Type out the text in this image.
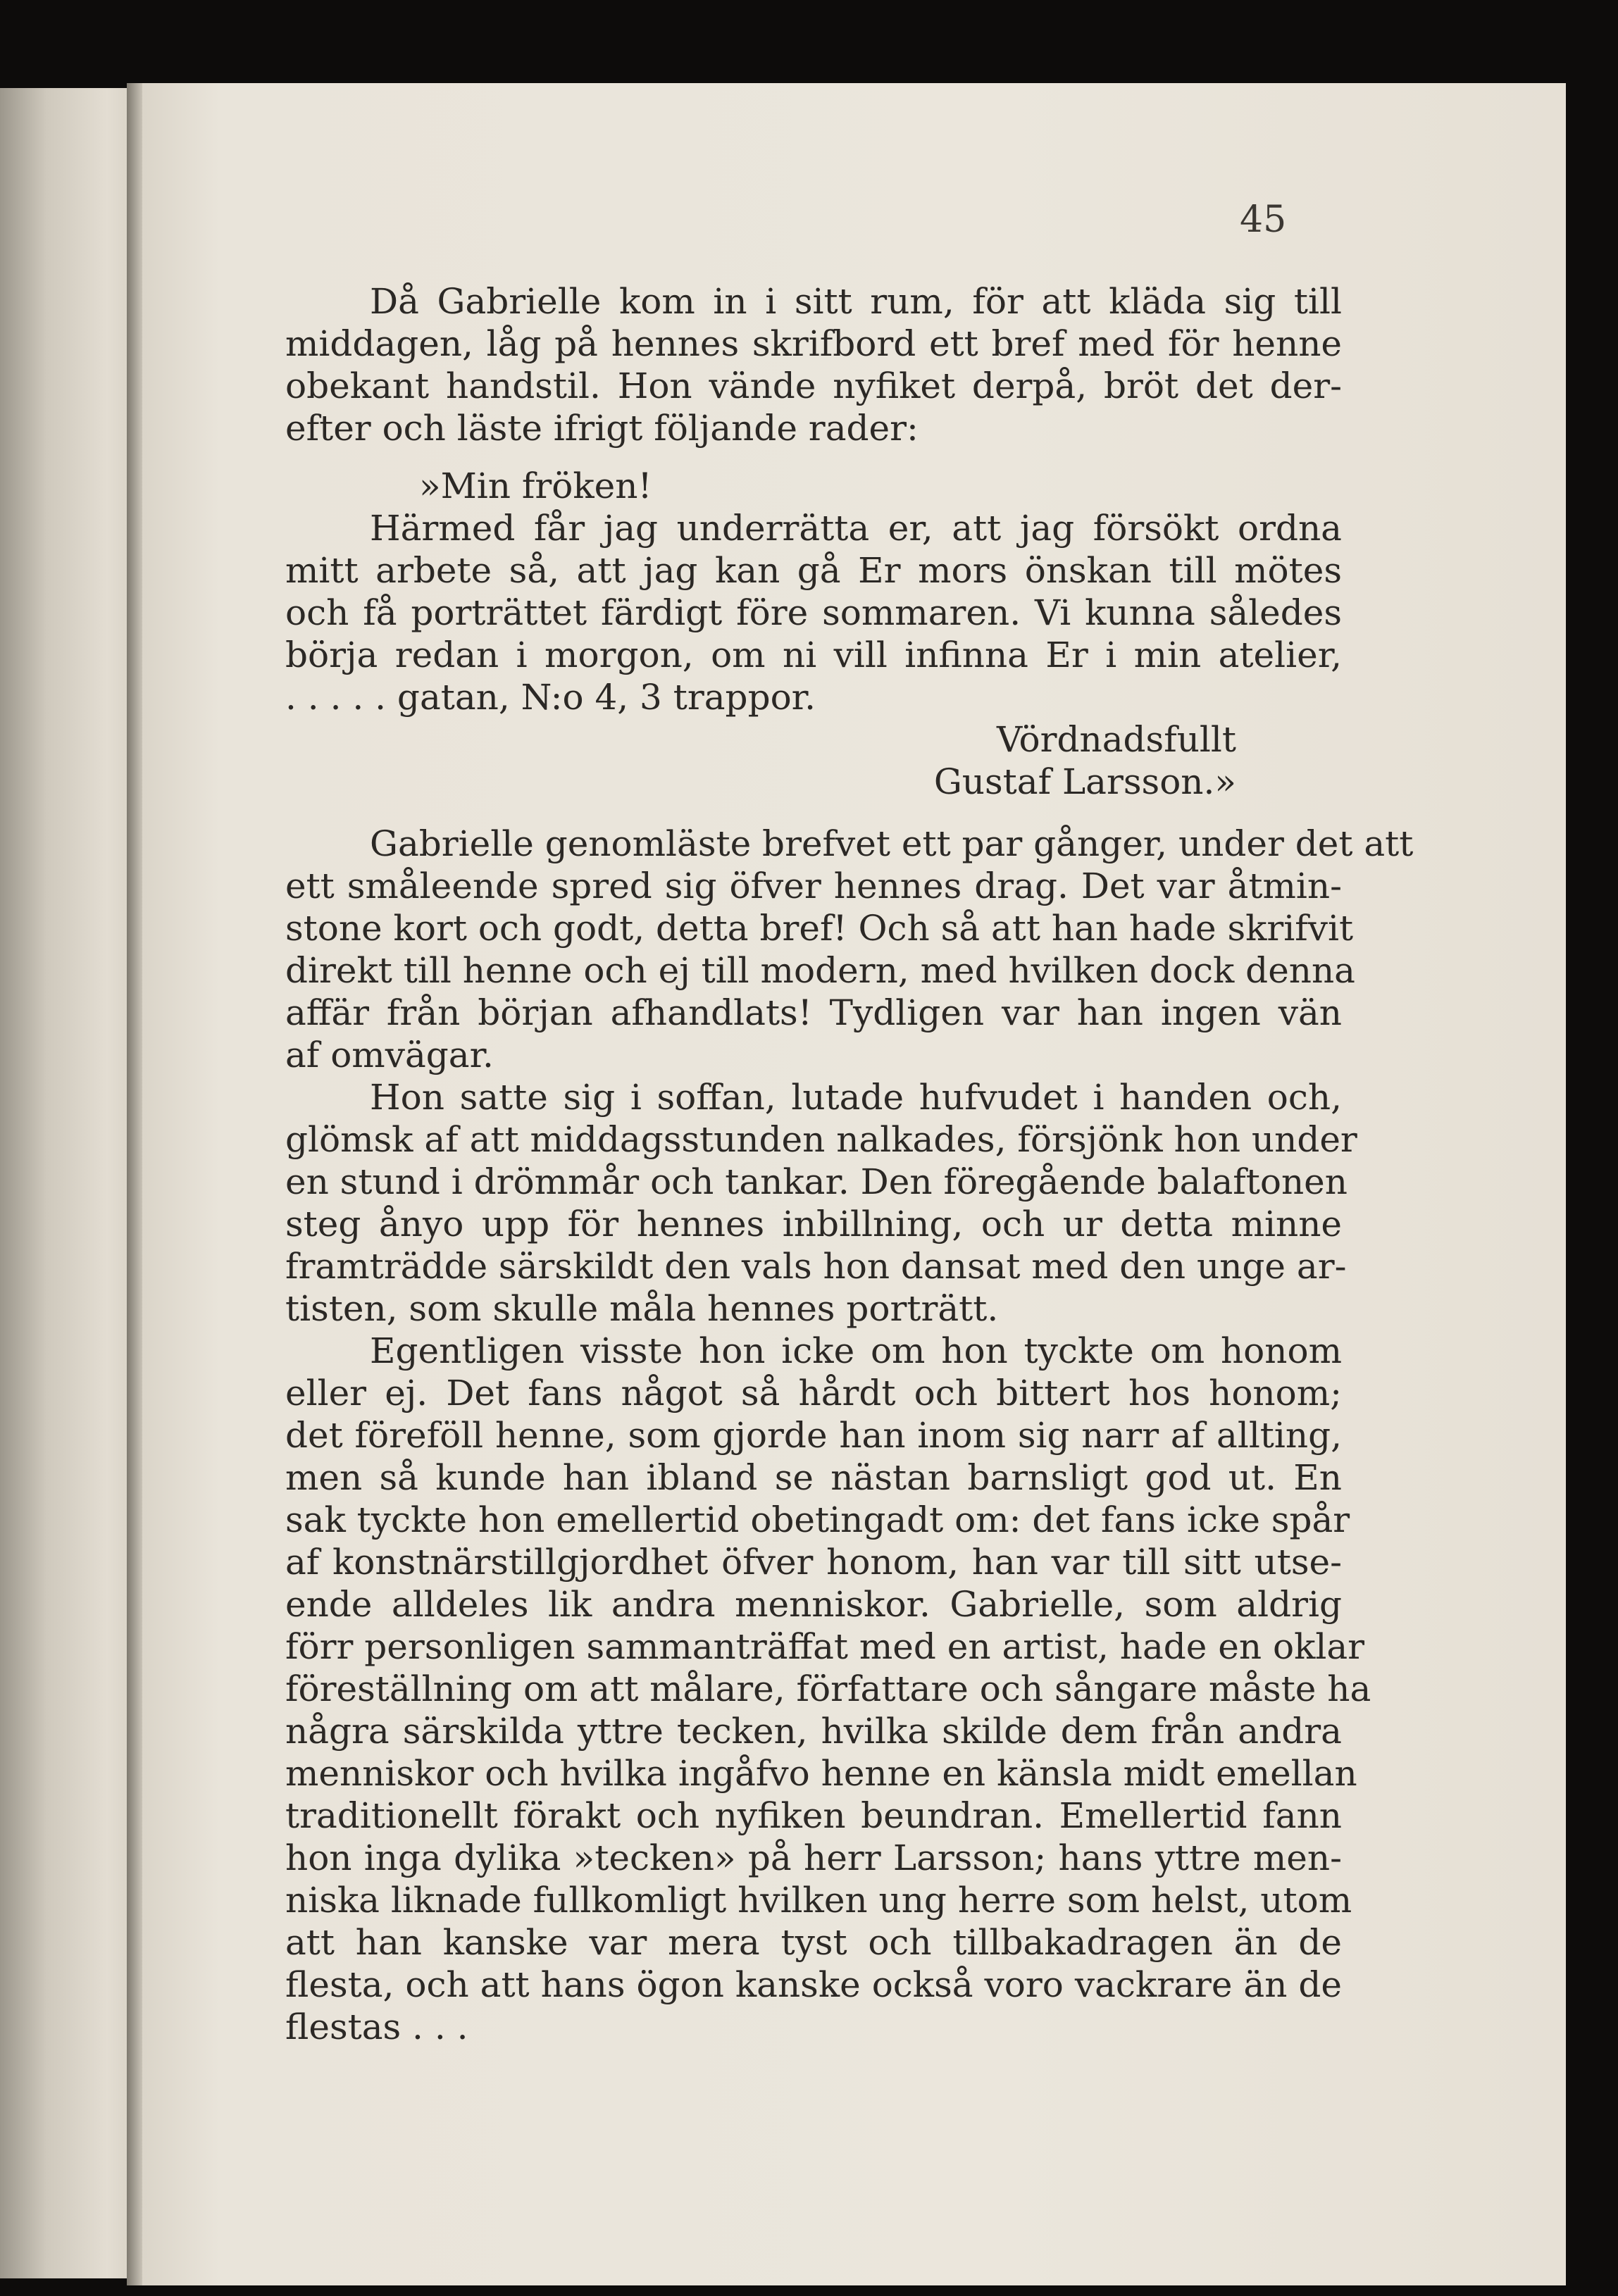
45
Då Gabrielle kom in i sitt rum, för att kläda sig till
middagen, låg på hennes skrifbord ett bref med för henne
obekant handstil. Hon vände nyfiket derpå, bröt det der-
efter och läste ifrigt följande rader:
»Min fröken!
Härmed får jag underrätta er, att jag försökt ordna
mitt arbete så, att jag kan gå Er mors önskan till mötes
och få porträttet färdigt före sommaren. Vi kunna således
börja redan i morgon, om ni vill infinna Er i min atelier,
. . . . . gatan, N:o 4, 3 trappor.
Vördnadsfullt
Gustaf Larsson.»
Gabrielle genomläste brefvet ett par gånger, under det att
ett småleende spred sig öfver hennes drag. Det var åtmin-
stone kort och godt, detta bref! Och så att han hade skrifvit
direkt till henne och ej till modern, med hvilken dock denna
affär från början afhandlats! Tydligen var han ingen vän
af omvägar.
Hon satte sig i soffan, lutade hufvudet i handen och,
glömsk af att middagsstunden nalkades, försjönk hon under
en stund i drömmår och tankar. Den föregående balaftonen
steg ånyo upp för hennes inbillning, och ur detta minne
framträdde särskildt den vals hon dansat med den unge ar-
tisten, som skulle måla hennes porträtt.
Egentligen visste hon icke om hon tyckte om honom
eller ej. Det fans något så hårdt och bittert hos honom;
det föreföll henne, som gjorde han inom sig narr af allting,
men så kunde han ibland se nästan barnsligt god ut. En
sak tyckte hon emellertid obetingadt om: det fans icke spår
af konstnärstillgjordhet öfver honom, han var till sitt utse-
ende alldeles lik andra menniskor. Gabrielle, som aldrig
förr personligen sammanträffat med en artist, hade en oklar
föreställning om att målare, författare och sångare måste ha
några särskilda yttre tecken, hvilka skilde dem från andra
menniskor och hvilka ingåfvo henne en känsla midt emellan
traditionellt förakt och nyfiken beundran. Emellertid fann
hon inga dylika »tecken» på herr Larsson; hans yttre men-
niska liknade fullkomligt hvilken ung herre som helst, utom
att han kanske var mera tyst och tillbakadragen än de
flesta, och att hans ögon kanske också voro vackrare än de
flestas . . .
